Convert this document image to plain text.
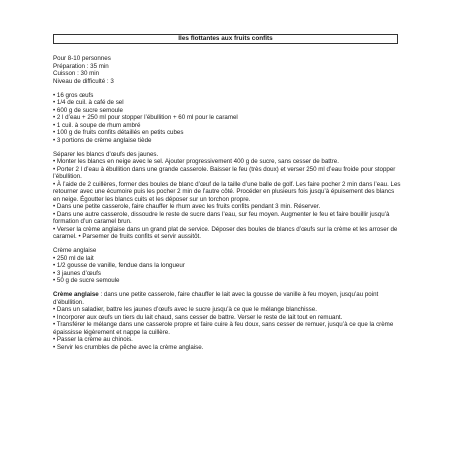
Iles flottantes aux fruits confits
Pour 8-10 personnes
Préparation : 35 min
Cuisson : 30 min
Niveau de difficulté : 3
• 16 gros œufs
• 1/4 de cuil. à café de sel
• 600 g de sucre semoule
• 2 l d’eau + 250 ml pour stopper l’ébullition + 60 ml pour le caramel
• 1 cuil. à soupe de rhum ambré
• 100 g de fruits confits détaillés en petits cubes
• 3 portions de crème anglaise tiède
Séparer les blancs d’œufs des jaunes.
• Monter les blancs en neige avec le sel. Ajouter progressivement 400 g de sucre, sans cesser de battre.
• Porter 2 l d’eau à ébullition dans une grande casserole. Baisser le feu (très doux) et verser 250 ml d’eau froide pour stopper l’ébullition.
• À l’aide de 2 cuillères, former des boules de blanc d’œuf de la taille d’une balle de golf. Les faire pocher 2 min dans l’eau. Les retourner avec une écumoire puis les pocher 2 min de l’autre côté. Procéder en plusieurs fois jusqu’à épuisement des blancs en neige. Égoutter les blancs cuits et les déposer sur un torchon propre.
• Dans une petite casserole, faire chauffer le rhum avec les fruits confits pendant 3 min. Réserver.
• Dans une autre casserole, dissoudre le reste de sucre dans l’eau, sur feu moyen. Augmenter le feu et faire bouillir jusqu’à formation d’un caramel brun.
• Verser la crème anglaise dans un grand plat de service. Déposer des boules de blancs d’œufs sur la crème et les arroser de caramel. • Parsemer de fruits confits et servir aussitôt.
Crème anglaise
• 250 ml de lait
• 1/2 gousse de vanille, fendue dans la longueur
• 3 jaunes d’œufs
• 50 g de sucre semoule
Crème anglaise : dans une petite casserole, faire chauffer le lait avec la gousse de vanille à feu moyen, jusqu’au point d’ébullition.
• Dans un saladier, battre les jaunes d’œufs avec le sucre jusqu’à ce que le mélange blanchisse.
• Incorporer aux œufs un tiers du lait chaud, sans cesser de battre. Verser le reste de lait tout en remuant.
• Transférer le mélange dans une casserole propre et faire cuire à feu doux, sans cesser de remuer, jusqu’à ce que la crème épaississe légèrement et nappe la cuillère.
• Passer la crème au chinois.
• Servir les crumbles de pêche avec la crème anglaise.
